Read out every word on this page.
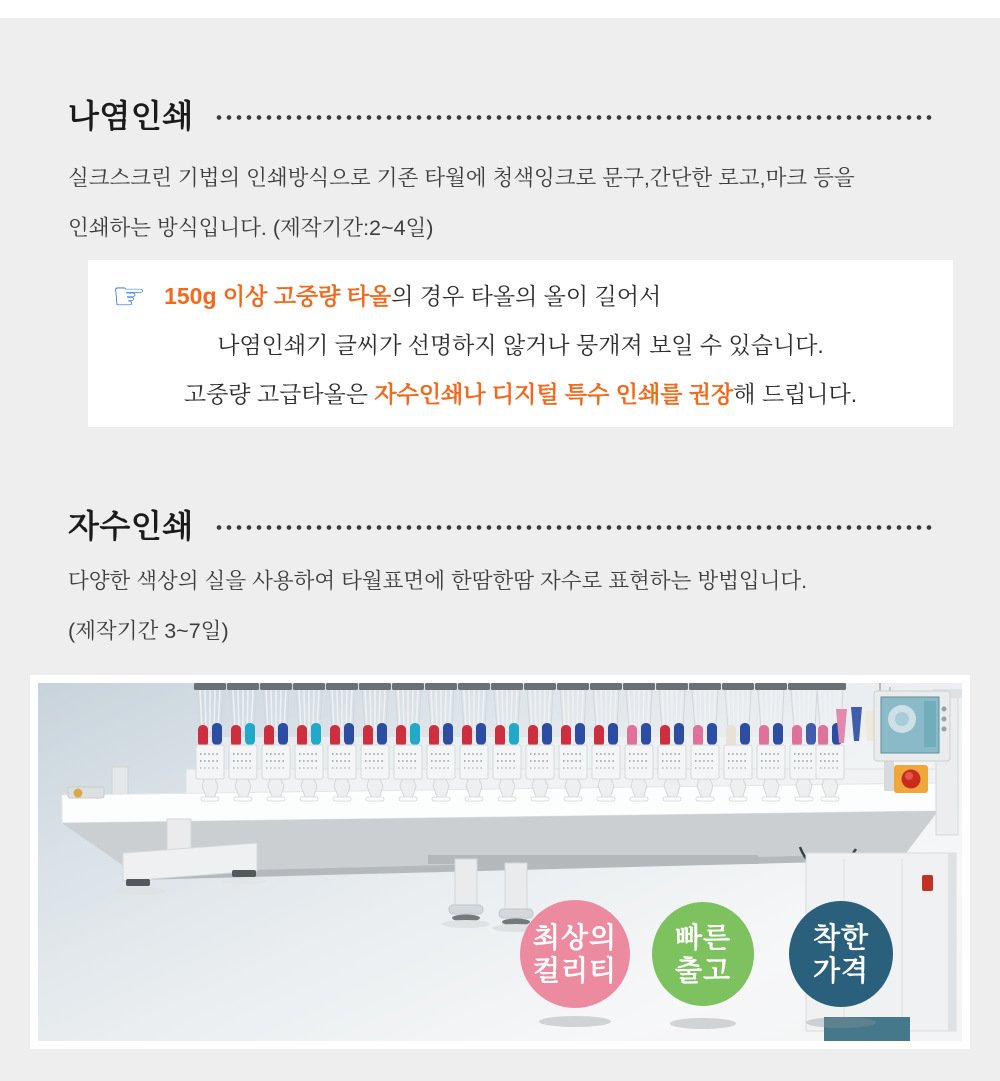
나염인쇄
실크스크린 기법의 인쇄방식으로 기존 타월에 청색잉크로 문구,간단한 로고,마크 등을
인쇄하는 방식입니다. (제작기간:2~4일)
☞ 150g 이상 고중량 타올의 경우 타올의 올이 길어서
나염인쇄기 글씨가 선명하지 않거나 뭉개져 보일 수 있습니다.
고중량 고급타올은 자수인쇄나 디지털 특수 인쇄를 권장해 드립니다.
자수인쇄
다양한 색상의 실을 사용하여 타월표면에 한땀한땀 자수로 표현하는 방법입니다.
(제작기간 3~7일)
최상의
컬리티
빠른
출고
착한
가격
